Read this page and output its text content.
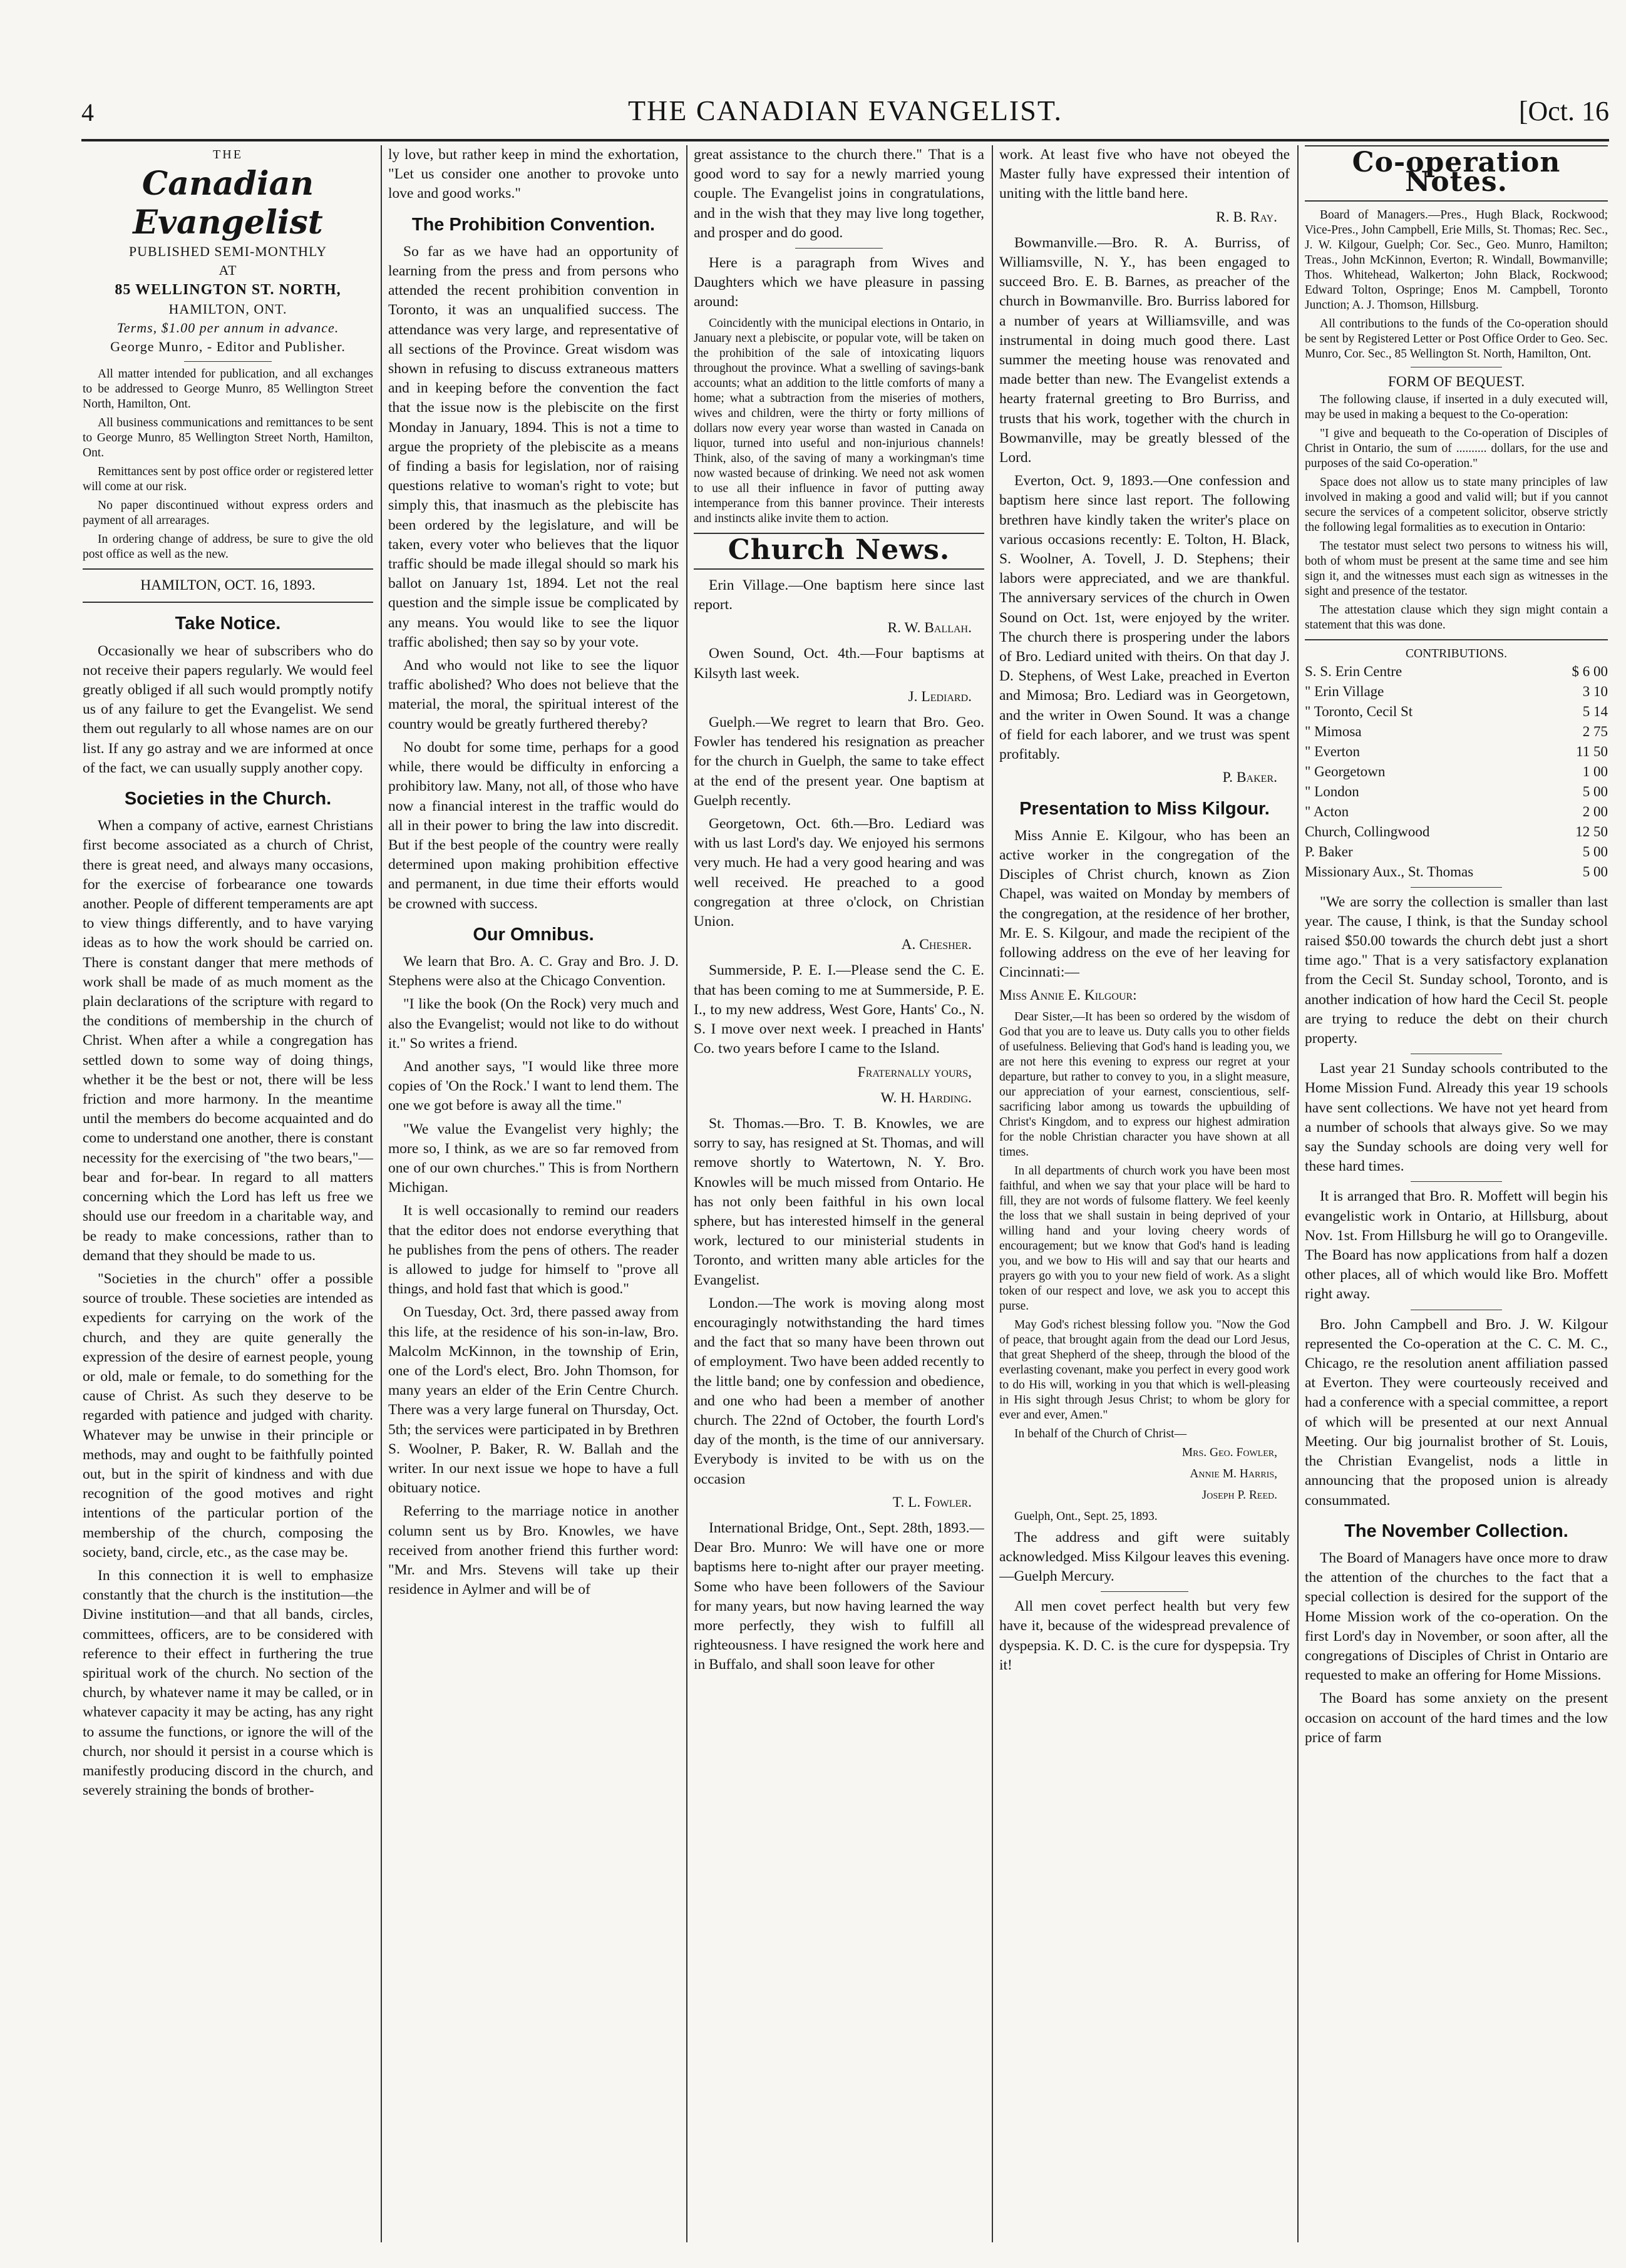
4	THE CANADIAN EVANGELIST.	[Oct. 16
THE
Canadian Evangelist
PUBLISHED SEMI-MONTHLY
AT
85 WELLINGTON ST. NORTH,
HAMILTON, ONT.
Terms, $1.00 per annum in advance.
George Munro, - Editor and Publisher.

All matter intended for publication, and all exchanges to be addressed to George Munro, 85 Wellington Street North, Hamilton, Ont.

All business communications and remittances to be sent to George Munro, 85 Wellington Street North, Hamilton, Ont.

Remittances sent by post office order or registered letter will come at our risk.

No paper discontinued without express orders and payment of all arrearages.

In ordering change of address, be sure to give the old post office as well as the new.

HAMILTON, OCT. 16, 1893.
Take Notice.

Occasionally we hear of subscribers who do not receive their papers regularly. We would feel greatly obliged if all such would promptly notify us of any failure to get the Evangelist. We send them out regularly to all whose names are on our list. If any go astray and we are informed at once of the fact, we can usually supply another copy.

Societies in the Church.

When a company of active, earnest Christians first become associated as a church of Christ, there is great need, and always many occasions, for the exercise of forbearance one towards another. People of different temperaments are apt to view things differently, and to have varying ideas as to how the work should be carried on. There is constant danger that mere methods of work shall be made of as much moment as the plain declarations of the scripture with regard to the conditions of membership in the church of Christ. When after a while a congregation has settled down to some way of doing things, whether it be the best or not, there will be less friction and more harmony. In the meantime until the members do become acquainted and do come to understand one another, there is constant necessity for the exercising of "the two bears,"—bear and for-bear. In regard to all matters concerning which the Lord has left us free we should use our freedom in a charitable way, and be ready to make concessions, rather than to demand that they should be made to us.

"Societies in the church" offer a possible source of trouble. These societies are intended as expedients for carrying on the work of the church, and they are quite generally the expression of the desire of earnest people, young or old, male or female, to do something for the cause of Christ. As such they deserve to be regarded with patience and judged with charity. Whatever may be unwise in their principle or methods, may and ought to be faithfully pointed out, but in the spirit of kindness and with due recognition of the good motives and right intentions of the particular portion of the membership of the church, composing the society, band, circle, etc., as the case may be.

In this connection it is well to emphasize constantly that the church is the institution—the Divine institution—and that all bands, circles, committees, officers, are to be considered with reference to their effect in furthering the true spiritual work of the church. No section of the church, by whatever name it may be called, or in whatever capacity it may be acting, has any right to assume the functions, or ignore the will of the church, nor should it persist in a course which is manifestly producing discord in the church, and severely straining the bonds of brother-

ly love, but rather keep in mind the exhortation, "Let us consider one another to provoke unto love and good works."

The Prohibition Convention.

So far as we have had an opportunity of learning from the press and from persons who attended the recent prohibition convention in Toronto, it was an unqualified success. The attendance was very large, and representative of all sections of the Province. Great wisdom was shown in refusing to discuss extraneous matters and in keeping before the convention the fact that the issue now is the plebiscite on the first Monday in January, 1894. This is not a time to argue the propriety of the plebiscite as a means of finding a basis for legislation, nor of raising questions relative to woman's right to vote; but simply this, that inasmuch as the plebiscite has been ordered by the legislature, and will be taken, every voter who believes that the liquor traffic should be made illegal should so mark his ballot on January 1st, 1894. Let not the real question and the simple issue be complicated by any means. You would like to see the liquor traffic abolished; then say so by your vote.

And who would not like to see the liquor traffic abolished? Who does not believe that the material, the moral, the spiritual interest of the country would be greatly furthered thereby?

No doubt for some time, perhaps for a good while, there would be difficulty in enforcing a prohibitory law. Many, not all, of those who have now a financial interest in the traffic would do all in their power to bring the law into discredit. But if the best people of the country were really determined upon making prohibition effective and permanent, in due time their efforts would be crowned with success.

Our Omnibus.

We learn that Bro. A. C. Gray and Bro. J. D. Stephens were also at the Chicago Convention.

"I like the book (On the Rock) very much and also the Evangelist; would not like to do without it." So writes a friend.

And another says, "I would like three more copies of 'On the Rock.' I want to lend them. The one we got before is away all the time."

"We value the Evangelist very highly; the more so, I think, as we are so far removed from one of our own churches." This is from Northern Michigan.

It is well occasionally to remind our readers that the editor does not endorse everything that he publishes from the pens of others. The reader is allowed to judge for himself to "prove all things, and hold fast that which is good."

On Tuesday, Oct. 3rd, there passed away from this life, at the residence of his son-in-law, Bro. Malcolm McKinnon, in the township of Erin, one of the Lord's elect, Bro. John Thomson, for many years an elder of the Erin Centre Church. There was a very large funeral on Thursday, Oct. 5th; the services were participated in by Brethren S. Woolner, P. Baker, R. W. Ballah and the writer. In our next issue we hope to have a full obituary notice.

Referring to the marriage notice in another column sent us by Bro. Knowles, we have received from another friend this further word: "Mr. and Mrs. Stevens will take up their residence in Aylmer and will be of

great assistance to the church there." That is a good word to say for a newly married young couple. The Evangelist joins in congratulations, and in the wish that they may live long together, and prosper and do good.

Here is a paragraph from Wives and Daughters which we have pleasure in passing around:

Coincidently with the municipal elections in Ontario, in January next a plebiscite, or popular vote, will be taken on the prohibition of the sale of intoxicating liquors throughout the province. What a swelling of savings-bank accounts; what an addition to the little comforts of many a home; what a subtraction from the miseries of mothers, wives and children, were the thirty or forty millions of dollars now every year worse than wasted in Canada on liquor, turned into useful and non-injurious channels! Think, also, of the saving of many a workingman's time now wasted because of drinking. We need not ask women to use all their influence in favor of putting away intemperance from this banner province. Their interests and instincts alike invite them to action.

Church News.

Erin Village.—One baptism here since last report.

R. W. Ballah.

Owen Sound, Oct. 4th.—Four baptisms at Kilsyth last week.

J. Lediard.

Guelph.—We regret to learn that Bro. Geo. Fowler has tendered his resignation as preacher for the church in Guelph, the same to take effect at the end of the present year. One baptism at Guelph recently.

Georgetown, Oct. 6th.—Bro. Lediard was with us last Lord's day. We enjoyed his sermons very much. He had a very good hearing and was well received. He preached to a good congregation at three o'clock, on Christian Union.

A. Chesher.

Summerside, P. E. I.—Please send the C. E. that has been coming to me at Summerside, P. E. I., to my new address, West Gore, Hants' Co., N. S. I move over next week. I preached in Hants' Co. two years before I came to the Island.

Fraternally yours,
W. H. Harding.

St. Thomas.—Bro. T. B. Knowles, we are sorry to say, has resigned at St. Thomas, and will remove shortly to Watertown, N. Y. Bro. Knowles will be much missed from Ontario. He has not only been faithful in his own local sphere, but has interested himself in the general work, lectured to our ministerial students in Toronto, and written many able articles for the Evangelist.

London.—The work is moving along most encouragingly notwithstanding the hard times and the fact that so many have been thrown out of employment. Two have been added recently to the little band; one by confession and obedience, and one who had been a member of another church. The 22nd of October, the fourth Lord's day of the month, is the time of our anniversary. Everybody is invited to be with us on the occasion

T. L. Fowler.

International Bridge, Ont., Sept. 28th, 1893.—Dear Bro. Munro: We will have one or more baptisms here to-night after our prayer meeting. Some who have been followers of the Saviour for many years, but now having learned the way more perfectly, they wish to fulfill all righteousness. I have resigned the work here and in Buffalo, and shall soon leave for other

work. At least five who have not obeyed the Master fully have expressed their intention of uniting with the little band here.

R. B. Ray.

Bowmanville.—Bro. R. A. Burriss, of Williamsville, N. Y., has been engaged to succeed Bro. E. B. Barnes, as preacher of the church in Bowmanville. Bro. Burriss labored for a number of years at Williamsville, and was instrumental in doing much good there. Last summer the meeting house was renovated and made better than new. The Evangelist extends a hearty fraternal greeting to Bro Burriss, and trusts that his work, together with the church in Bowmanville, may be greatly blessed of the Lord.

Everton, Oct. 9, 1893.—One confession and baptism here since last report. The following brethren have kindly taken the writer's place on various occasions recently: E. Tolton, H. Black, S. Woolner, A. Tovell, J. D. Stephens; their labors were appreciated, and we are thankful. The anniversary services of the church in Owen Sound on Oct. 1st, were enjoyed by the writer. The church there is prospering under the labors of Bro. Lediard united with theirs. On that day J. D. Stephens, of West Lake, preached in Everton and Mimosa; Bro. Lediard was in Georgetown, and the writer in Owen Sound. It was a change of field for each laborer, and we trust was spent profitably.

P. Baker.
Presentation to Miss Kilgour.

Miss Annie E. Kilgour, who has been an active worker in the congregation of the Disciples of Christ church, known as Zion Chapel, was waited on Monday by members of the congregation, at the residence of her brother, Mr. E. S. Kilgour, and made the recipient of the following address on the eve of her leaving for Cincinnati:—

Miss Annie E. Kilgour:

Dear Sister,—It has been so ordered by the wisdom of God that you are to leave us. Duty calls you to other fields of usefulness. Believing that God's hand is leading you, we are not here this evening to express our regret at your departure, but rather to convey to you, in a slight measure, our appreciation of your earnest, conscientious, self-sacrificing labor among us towards the upbuilding of Christ's Kingdom, and to express our highest admiration for the noble Christian character you have shown at all times.

In all departments of church work you have been most faithful, and when we say that your place will be hard to fill, they are not words of fulsome flattery. We feel keenly the loss that we shall sustain in being deprived of your willing hand and your loving cheery words of encouragement; but we know that God's hand is leading you, and we bow to His will and say that our hearts and prayers go with you to your new field of work. As a slight token of our respect and love, we ask you to accept this purse.

May God's richest blessing follow you. "Now the God of peace, that brought again from the dead our Lord Jesus, that great Shepherd of the sheep, through the blood of the everlasting covenant, make you perfect in every good work to do His will, working in you that which is well-pleasing in His sight through Jesus Christ; to whom be glory for ever and ever, Amen."

In behalf of the Church of Christ—

Mrs. Geo. Fowler,
Annie M. Harris,
Joseph P. Reed.

Guelph, Ont., Sept. 25, 1893.

The address and gift were suitably acknowledged. Miss Kilgour leaves this evening.—Guelph Mercury.

All men covet perfect health but very few have it, because of the widespread prevalence of dyspepsia. K. D. C. is the cure for dyspepsia. Try it!

Co-operation Notes.

Board of Managers.—Pres., Hugh Black, Rockwood; Vice-Pres., John Campbell, Erie Mills, St. Thomas; Rec. Sec., J. W. Kilgour, Guelph; Cor. Sec., Geo. Munro, Hamilton; Treas., John McKinnon, Everton; R. Windall, Bowmanville; Thos. Whitehead, Walkerton; John Black, Rockwood; Edward Tolton, Ospringe; Enos M. Campbell, Toronto Junction; A. J. Thomson, Hillsburg.

All contributions to the funds of the Co-operation should be sent by Registered Letter or Post Office Order to Geo. Sec. Munro, Cor. Sec., 85 Wellington St. North, Hamilton, Ont.

FORM OF BEQUEST.

The following clause, if inserted in a duly executed will, may be used in making a bequest to the Co-operation:

"I give and bequeath to the Co-operation of Disciples of Christ in Ontario, the sum of .......... dollars, for the use and purposes of the said Co-operation."

Space does not allow us to state many principles of law involved in making a good and valid will; but if you cannot secure the services of a competent solicitor, observe strictly the following legal formalities as to execution in Ontario:

The testator must select two persons to witness his will, both of whom must be present at the same time and see him sign it, and the witnesses must each sign as witnesses in the sight and presence of the testator.

The attestation clause which they sign might contain a statement that this was done.

CONTRIBUTIONS.
S. S. Erin Centre	$ 6 00
" Erin Village	3 10
" Toronto, Cecil St	5 14
" Mimosa	2 75
" Everton	11 50
" Georgetown	1 00
" London	5 00
" Acton	2 00
Church, Collingwood	12 50
P. Baker	5 00
Missionary Aux., St. Thomas	5 00

"We are sorry the collection is smaller than last year. The cause, I think, is that the Sunday school raised $50.00 towards the church debt just a short time ago." That is a very satisfactory explanation from the Cecil St. Sunday school, Toronto, and is another indication of how hard the Cecil St. people are trying to reduce the debt on their church property.

Last year 21 Sunday schools contributed to the Home Mission Fund. Already this year 19 schools have sent collections. We have not yet heard from a number of schools that always give. So we may say the Sunday schools are doing very well for these hard times.

It is arranged that Bro. R. Moffett will begin his evangelistic work in Ontario, at Hillsburg, about Nov. 1st. From Hillsburg he will go to Orangeville. The Board has now applications from half a dozen other places, all of which would like Bro. Moffett right away.

Bro. John Campbell and Bro. J. W. Kilgour represented the Co-operation at the C. C. M. C., Chicago, re the resolution anent affiliation passed at Everton. They were courteously received and had a conference with a special committee, a report of which will be presented at our next Annual Meeting. Our big journalist brother of St. Louis, the Christian Evangelist, nods a little in announcing that the proposed union is already consummated.

The November Collection.

The Board of Managers have once more to draw the attention of the churches to the fact that a special collection is desired for the support of the Home Mission work of the co-operation. On the first Lord's day in November, or soon after, all the congregations of Disciples of Christ in Ontario are requested to make an offering for Home Missions.

The Board has some anxiety on the present occasion on account of the hard times and the low price of farm
